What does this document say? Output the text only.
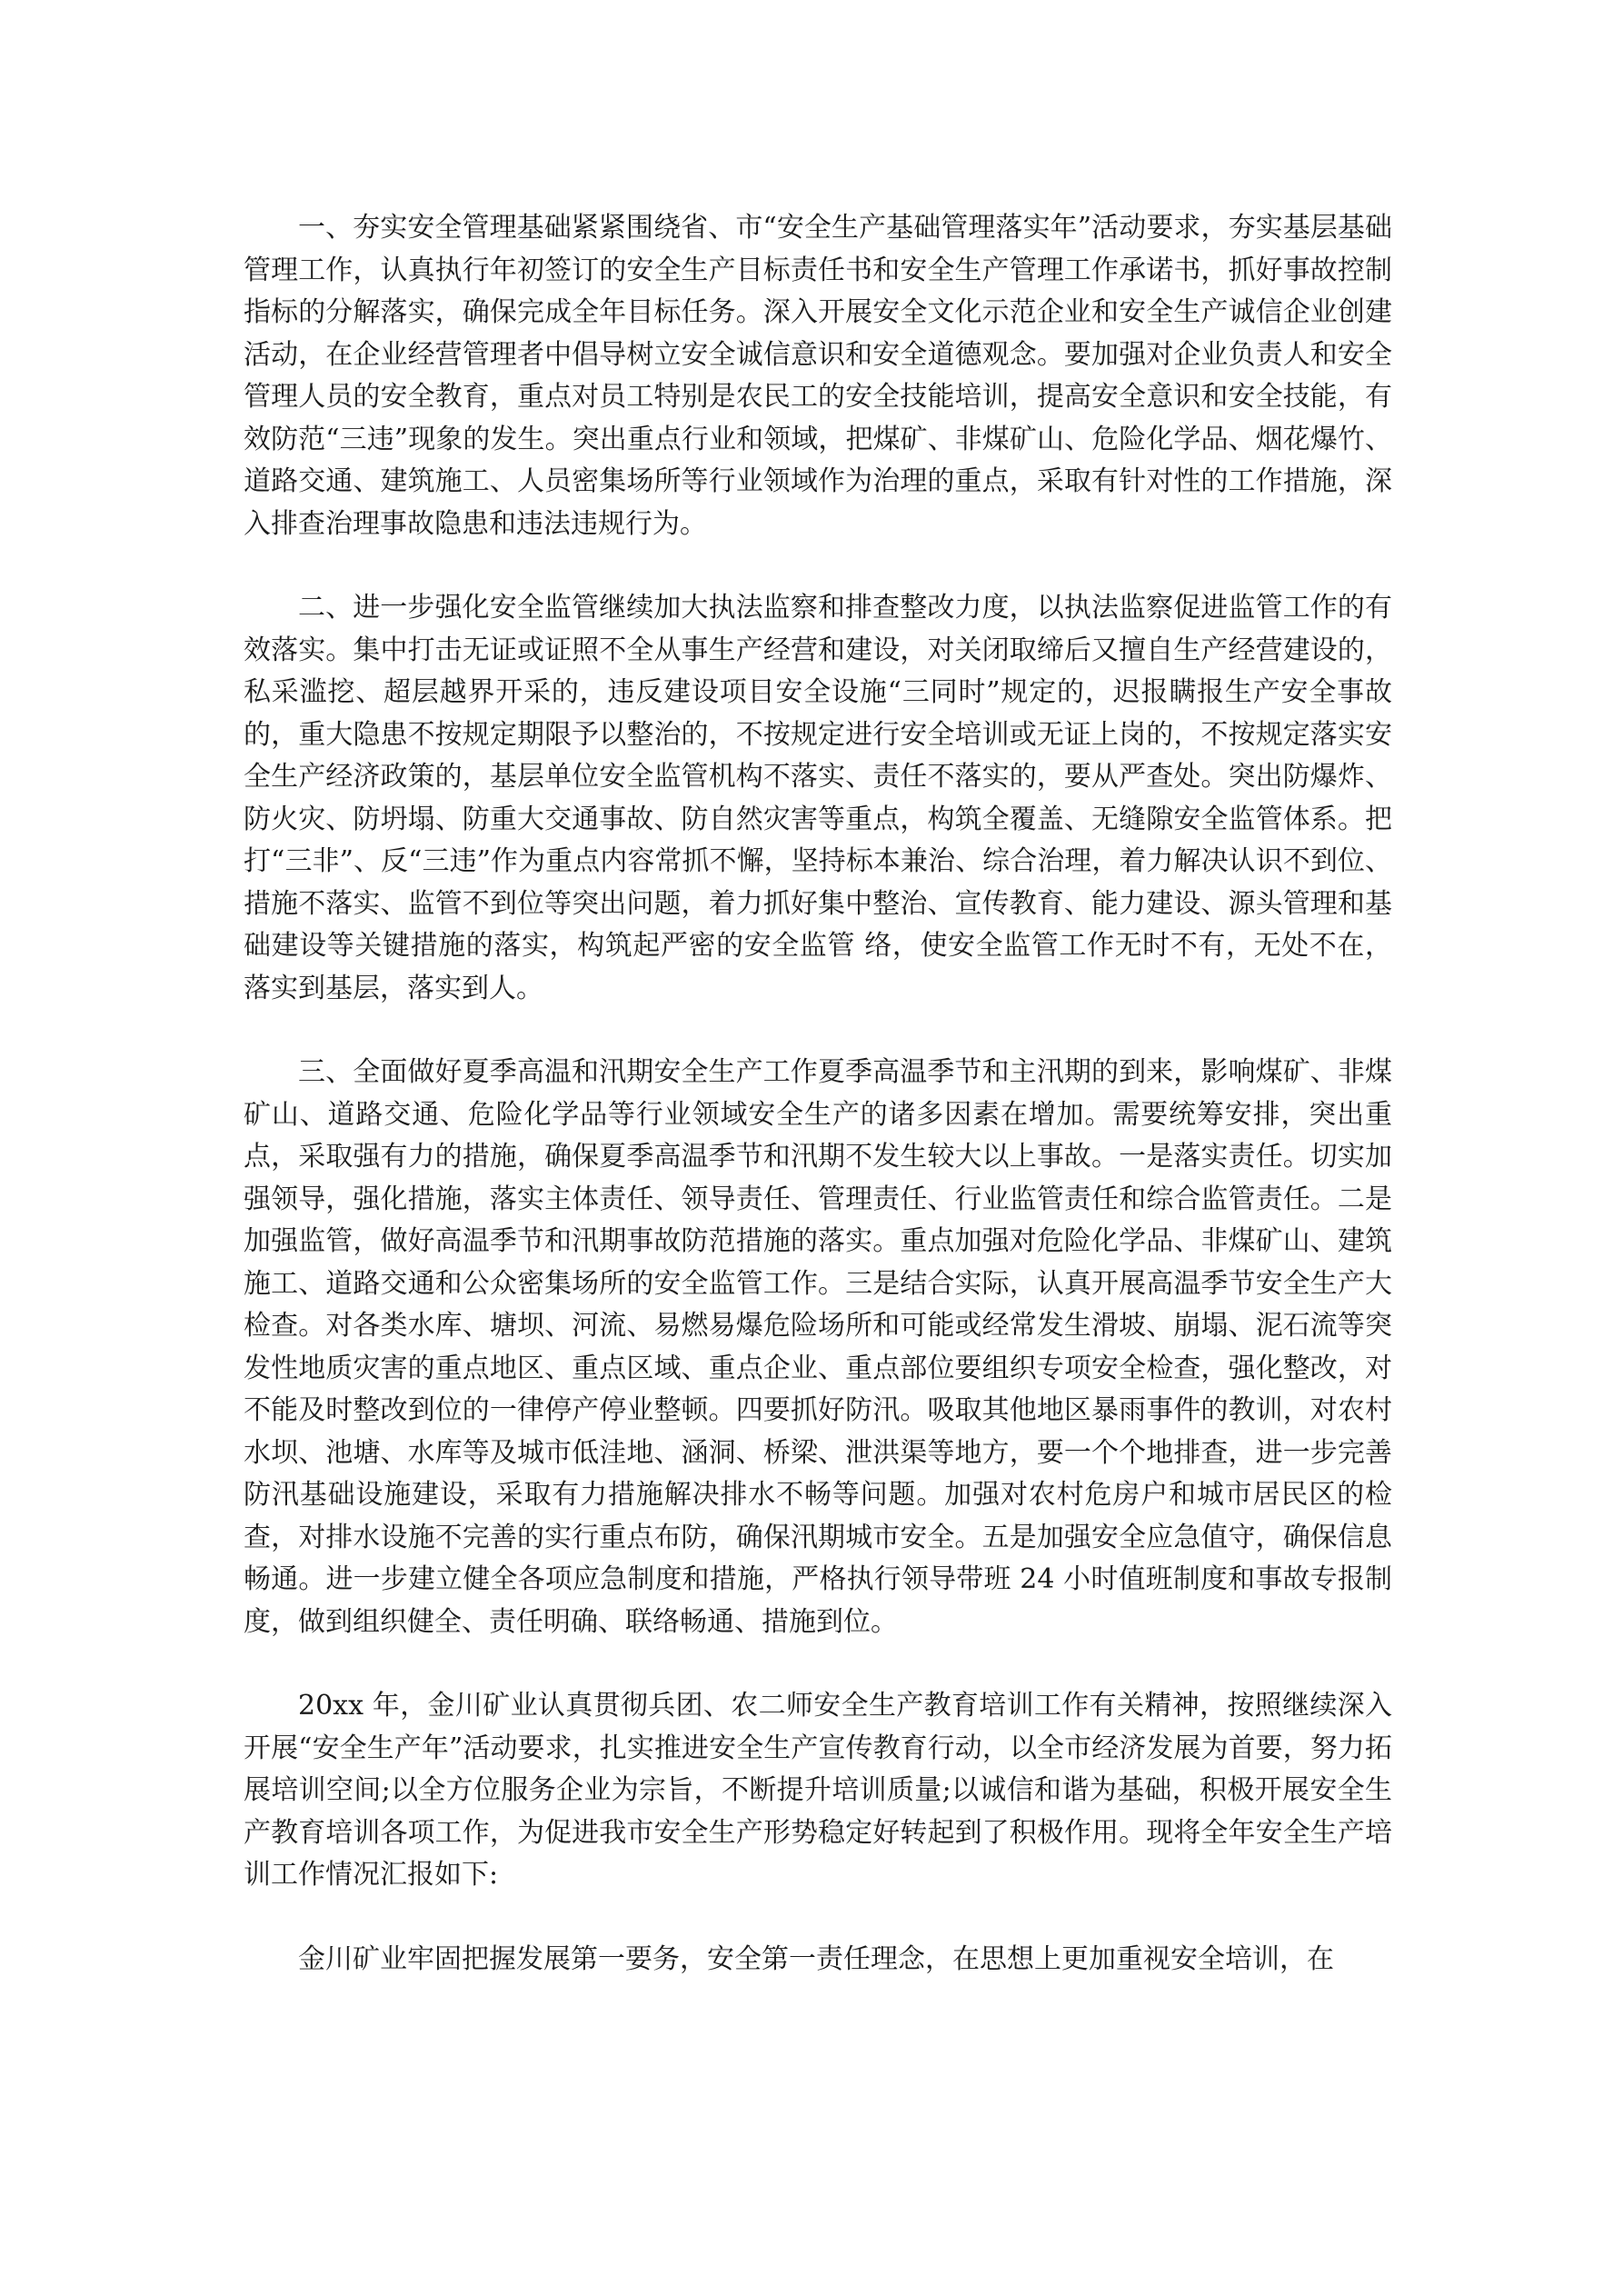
一、夯实安全管理基础紧紧围绕省、市“安全生产基础管理落实年”活动要求，夯实基层基础管理工作，认真执行年初签订的安全生产目标责任书和安全生产管理工作承诺书，抓好事故控制指标的分解落实，确保完成全年目标任务。深入开展安全文化示范企业和安全生产诚信企业创建活动，在企业经营管理者中倡导树立安全诚信意识和安全道德观念。要加强对企业负责人和安全管理人员的安全教育，重点对员工特别是农民工的安全技能培训，提高安全意识和安全技能，有效防范“三违”现象的发生。突出重点行业和领域，把煤矿、非煤矿山、危险化学品、烟花爆竹、道路交通、建筑施工、人员密集场所等行业领域作为治理的重点，采取有针对性的工作措施，深入排查治理事故隐患和违法违规行为。

二、进一步强化安全监管继续加大执法监察和排查整改力度，以执法监察促进监管工作的有效落实。集中打击无证或证照不全从事生产经营和建设，对关闭取缔后又擅自生产经营建设的，私采滥挖、超层越界开采的，违反建设项目安全设施“三同时”规定的，迟报瞒报生产安全事故的，重大隐患不按规定期限予以整治的，不按规定进行安全培训或无证上岗的，不按规定落实安全生产经济政策的，基层单位安全监管机构不落实、责任不落实的，要从严查处。突出防爆炸、防火灾、防坍塌、防重大交通事故、防自然灾害等重点，构筑全覆盖、无缝隙安全监管体系。把打“三非”、反“三违”作为重点内容常抓不懈，坚持标本兼治、综合治理，着力解决认识不到位、措施不落实、监管不到位等突出问题，着力抓好集中整治、宣传教育、能力建设、源头管理和基础建设等关键措施的落实，构筑起严密的安全监管 络，使安全监管工作无时不有，无处不在，落实到基层，落实到人。

三、全面做好夏季高温和汛期安全生产工作夏季高温季节和主汛期的到来，影响煤矿、非煤矿山、道路交通、危险化学品等行业领域安全生产的诸多因素在增加。需要统筹安排，突出重点，采取强有力的措施，确保夏季高温季节和汛期不发生较大以上事故。一是落实责任。切实加强领导，强化措施，落实主体责任、领导责任、管理责任、行业监管责任和综合监管责任。二是加强监管，做好高温季节和汛期事故防范措施的落实。重点加强对危险化学品、非煤矿山、建筑施工、道路交通和公众密集场所的安全监管工作。三是结合实际，认真开展高温季节安全生产大检查。对各类水库、塘坝、河流、易燃易爆危险场所和可能或经常发生滑坡、崩塌、泥石流等突发性地质灾害的重点地区、重点区域、重点企业、重点部位要组织专项安全检查，强化整改，对不能及时整改到位的一律停产停业整顿。四要抓好防汛。吸取其他地区暴雨事件的教训，对农村水坝、池塘、水库等及城市低洼地、涵洞、桥梁、泄洪渠等地方，要一个个地排查，进一步完善防汛基础设施建设，采取有力措施解决排水不畅等问题。加强对农村危房户和城市居民区的检查，对排水设施不完善的实行重点布防，确保汛期城市安全。五是加强安全应急值守，确保信息畅通。进一步建立健全各项应急制度和措施，严格执行领导带班 24 小时值班制度和事故专报制度，做到组织健全、责任明确、联络畅通、措施到位。

20xx 年，金川矿业认真贯彻兵团、农二师安全生产教育培训工作有关精神，按照继续深入开展“安全生产年”活动要求，扎实推进安全生产宣传教育行动，以全市经济发展为首要，努力拓展培训空间;以全方位服务企业为宗旨，不断提升培训质量;以诚信和谐为基础，积极开展安全生产教育培训各项工作，为促进我市安全生产形势稳定好转起到了积极作用。现将全年安全生产培训工作情况汇报如下:

金川矿业牢固把握发展第一要务，安全第一责任理念，在思想上更加重视安全培训，在
